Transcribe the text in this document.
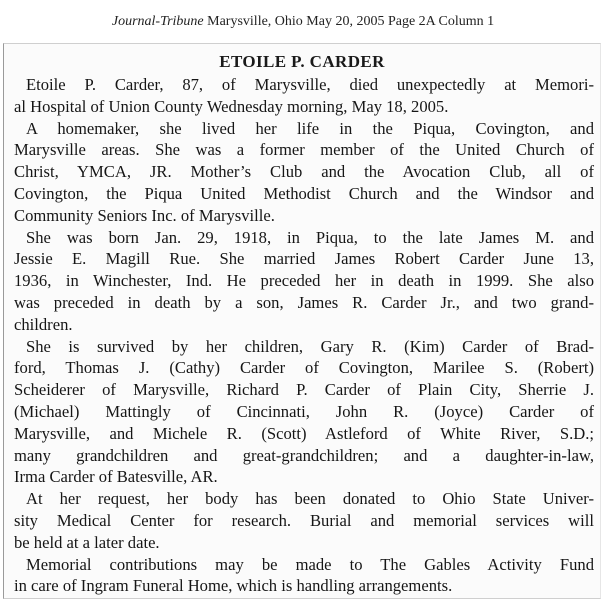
Journal-Tribune Marysville, Ohio May 20, 2005 Page 2A Column 1
ETOILE P. CARDER
Etoile P. Carder, 87, of Marysville, died unexpectedly at Memori-
al Hospital of Union County Wednesday morning, May 18, 2005.
A homemaker, she lived her life in the Piqua, Covington, and
Marysville areas. She was a former member of the United Church of
Christ, YMCA, JR. Mother’s Club and the Avocation Club, all of
Covington, the Piqua United Methodist Church and the Windsor and
Community Seniors Inc. of Marysville.
She was born Jan. 29, 1918, in Piqua, to the late James M. and
Jessie E. Magill Rue. She married James Robert Carder June 13,
1936, in Winchester, Ind. He preceded her in death in 1999. She also
was preceded in death by a son, James R. Carder Jr., and two grand-
children.
She is survived by her children, Gary R. (Kim) Carder of Brad-
ford, Thomas J. (Cathy) Carder of Covington, Marilee S. (Robert)
Scheiderer of Marysville, Richard P. Carder of Plain City, Sherrie J.
(Michael) Mattingly of Cincinnati, John R. (Joyce) Carder of
Marysville, and Michele R. (Scott) Astleford of White River, S.D.;
many grandchildren and great-grandchildren; and a daughter-in-law,
Irma Carder of Batesville, AR.
At her request, her body has been donated to Ohio State Univer-
sity Medical Center for research. Burial and memorial services will
be held at a later date.
Memorial contributions may be made to The Gables Activity Fund
in care of Ingram Funeral Home, which is handling arrangements.
